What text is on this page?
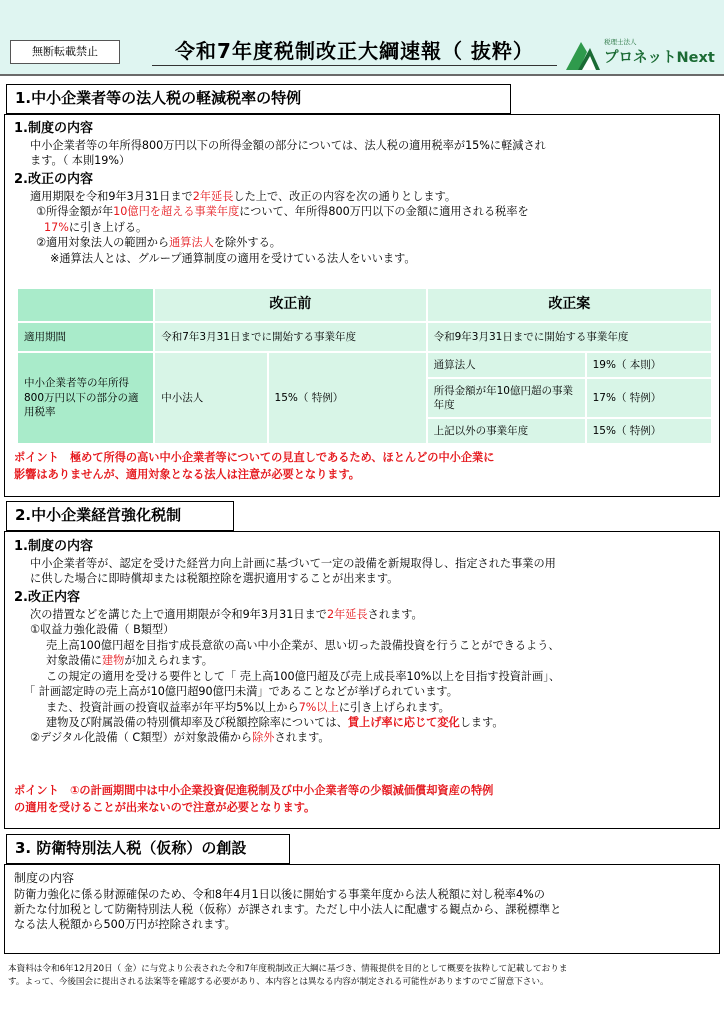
無断転載禁止	令和7年度税制改正大綱速報（ 抜粋）	税理士法人
プロネットNext
1.中小企業者等の法人税の軽減税率の特例
1.制度の内容
中小企業者等の年所得800万円以下の所得金額の部分については、法人税の適用税率が15%に軽減され
ます。（ 本則19%）
2.改正の内容
適用期限を令和9年3月31日まで2年延長した上で、改正の内容を次の通りとします。
①所得金額が年10億円を超える事業年度について、年所得800万円以下の金額に適用される税率を
17%に引き上げる。
②適用対象法人の範囲から通算法人を除外する。
※通算法人とは、グループ通算制度の適用を受けている法人をいいます。
	改正前		改正案	
適用期間	令和7年3月31日までに開始する事業年度		令和9年3月31日までに開始する事業年度	
中小企業者等の年所得800万円以下の部分の適用税率	中小法人	15%（ 特例）	通算法人	19%（ 本則）
			所得金額が年10億円超の事業年度	17%（ 特例）
			上記以外の事業年度	15%（ 特例）
ポイント　極めて所得の高い中小企業者等についての見直しであるため、ほとんどの中小企業に
影響はありませんが、適用対象となる法人は注意が必要となります。
2.中小企業経営強化税制
1.制度の内容
中小企業者等が、認定を受けた経営力向上計画に基づいて一定の設備を新規取得し、指定された事業の用
に供した場合に即時償却または税額控除を選択適用することが出来ます。
2.改正内容
次の措置などを講じた上で適用期限が令和9年3月31日まで2年延長されます。
①収益力強化設備（ B類型）
売上高100億円超を目指す成長意欲の高い中小企業が、思い切った設備投資を行うことができるよう、
対象設備に建物が加えられます。
この規定の適用を受ける要件として「 売上高100億円超及び売上成長率10%以上を目指す投資計画」、
「 計画認定時の売上高が10億円超90億円未満」であることなどが挙げられています。
また、投資計画の投資収益率が年平均5%以上から7%以上に引き上げられます。
建物及び附属設備の特別償却率及び税額控除率については、賃上げ率に応じて変化します。
②デジタル化設備（ C類型）が対象設備から除外されます。
ポイント　①の計画期間中は中小企業投資促進税制及び中小企業者等の少額減価償却資産の特例
の適用を受けることが出来ないので注意が必要となります。
3. 防衛特別法人税（仮称）の創設
制度の内容
防衛力強化に係る財源確保のため、令和8年4月1日以後に開始する事業年度から法人税額に対し税率4%の
新たな付加税として防衛特別法人税（仮称）が課されます。ただし中小法人に配慮する観点から、課税標準と
なる法人税額から500万円が控除されます。
本資料は令和6年12月20日（ 金）に与党より公表された令和7年度税制改正大綱に基づき、情報提供を目的として概要を抜粋して記載しておりま
す。よって、今後国会に提出される法案等を確認する必要があり、本内容とは異なる内容が制定される可能性がありますのでご留意下さい。
